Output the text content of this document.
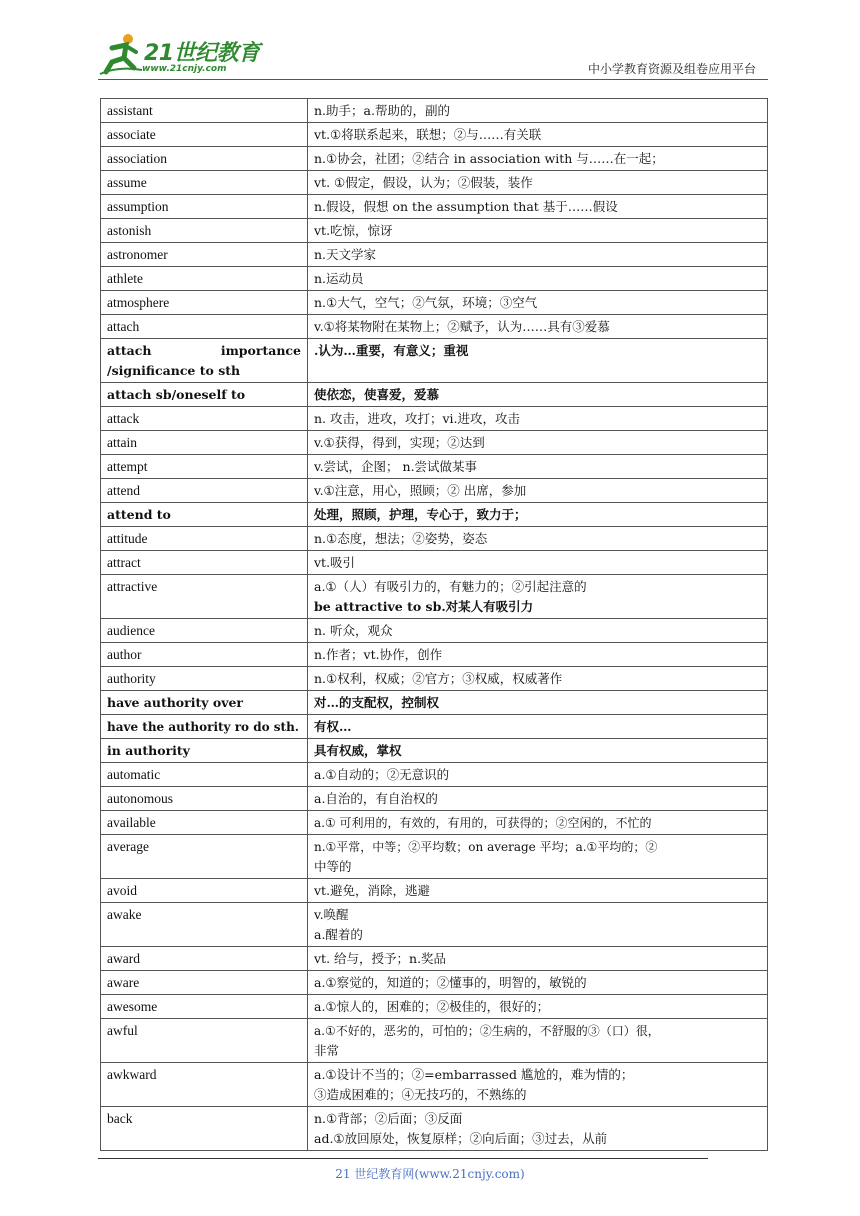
21世纪教育
www.21cnjy.com	中小学教育资源及组卷应用平台
assistant	n.助手；a.帮助的，副的
associate	vt.①将联系起来，联想；②与……有关联
association	n.①协会，社团；②结合 in association with 与……在一起；
assume	vt. ①假定，假设，认为；②假装，装作
assumption	n.假设，假想 on the assumption that 基于……假设
astonish	vt.吃惊，惊讶
astronomer	n.天文学家
athlete	n.运动员
atmosphere	n.①大气，空气；②气氛，环境；③空气
attach	v.①将某物附在某物上；②赋予，认为……具有③爱慕
attach importance /significance to sth	.认为…重要，有意义；重视
attach sb/oneself to	使依恋，使喜爱，爱慕
attack	n. 攻击，进攻，攻打；vi.进攻，攻击
attain	v.①获得，得到，实现；②达到
attempt	v.尝试，企图； n.尝试做某事
attend	v.①注意，用心，照顾；② 出席，参加
attend to	处理，照顾，护理，专心于，致力于；
attitude	n.①态度，想法；②姿势，姿态
attract	vt.吸引
attractive	a.①（人）有吸引力的，有魅力的；②引起注意的
be attractive to sb.对某人有吸引力

audience	n. 听众，观众
author	n.作者；vt.协作，创作
authority	n.①权利，权威；②官方；③权威，权威著作
have authority over	对…的支配权，控制权
have the authority ro do sth.	有权…
in authority	具有权威，掌权
automatic	a.①自动的；②无意识的
autonomous	a.自治的，有自治权的
available	a.① 可利用的，有效的，有用的，可获得的；②空闲的，不忙的
average	n.①平常，中等；②平均数；on average 平均；a.①平均的；②
中等的

avoid	vt.避免，消除，逃避
awake	v.唤醒
a.醒着的

award	vt. 给与，授予；n.奖品
aware	a.①察觉的，知道的；②懂事的，明智的，敏锐的
awesome	a.①惊人的，困难的；②极佳的，很好的；
awful	a.①不好的，恶劣的，可怕的；②生病的，不舒服的③（口）很，
非常

awkward	a.①设计不当的；②=embarrassed 尴尬的，难为情的；
③造成困难的；④无技巧的，不熟练的

back	n.①背部；②后面；③反面
ad.①放回原处，恢复原样；②向后面；③过去，从前
21 世纪教育网(www.21cnjy.com)
